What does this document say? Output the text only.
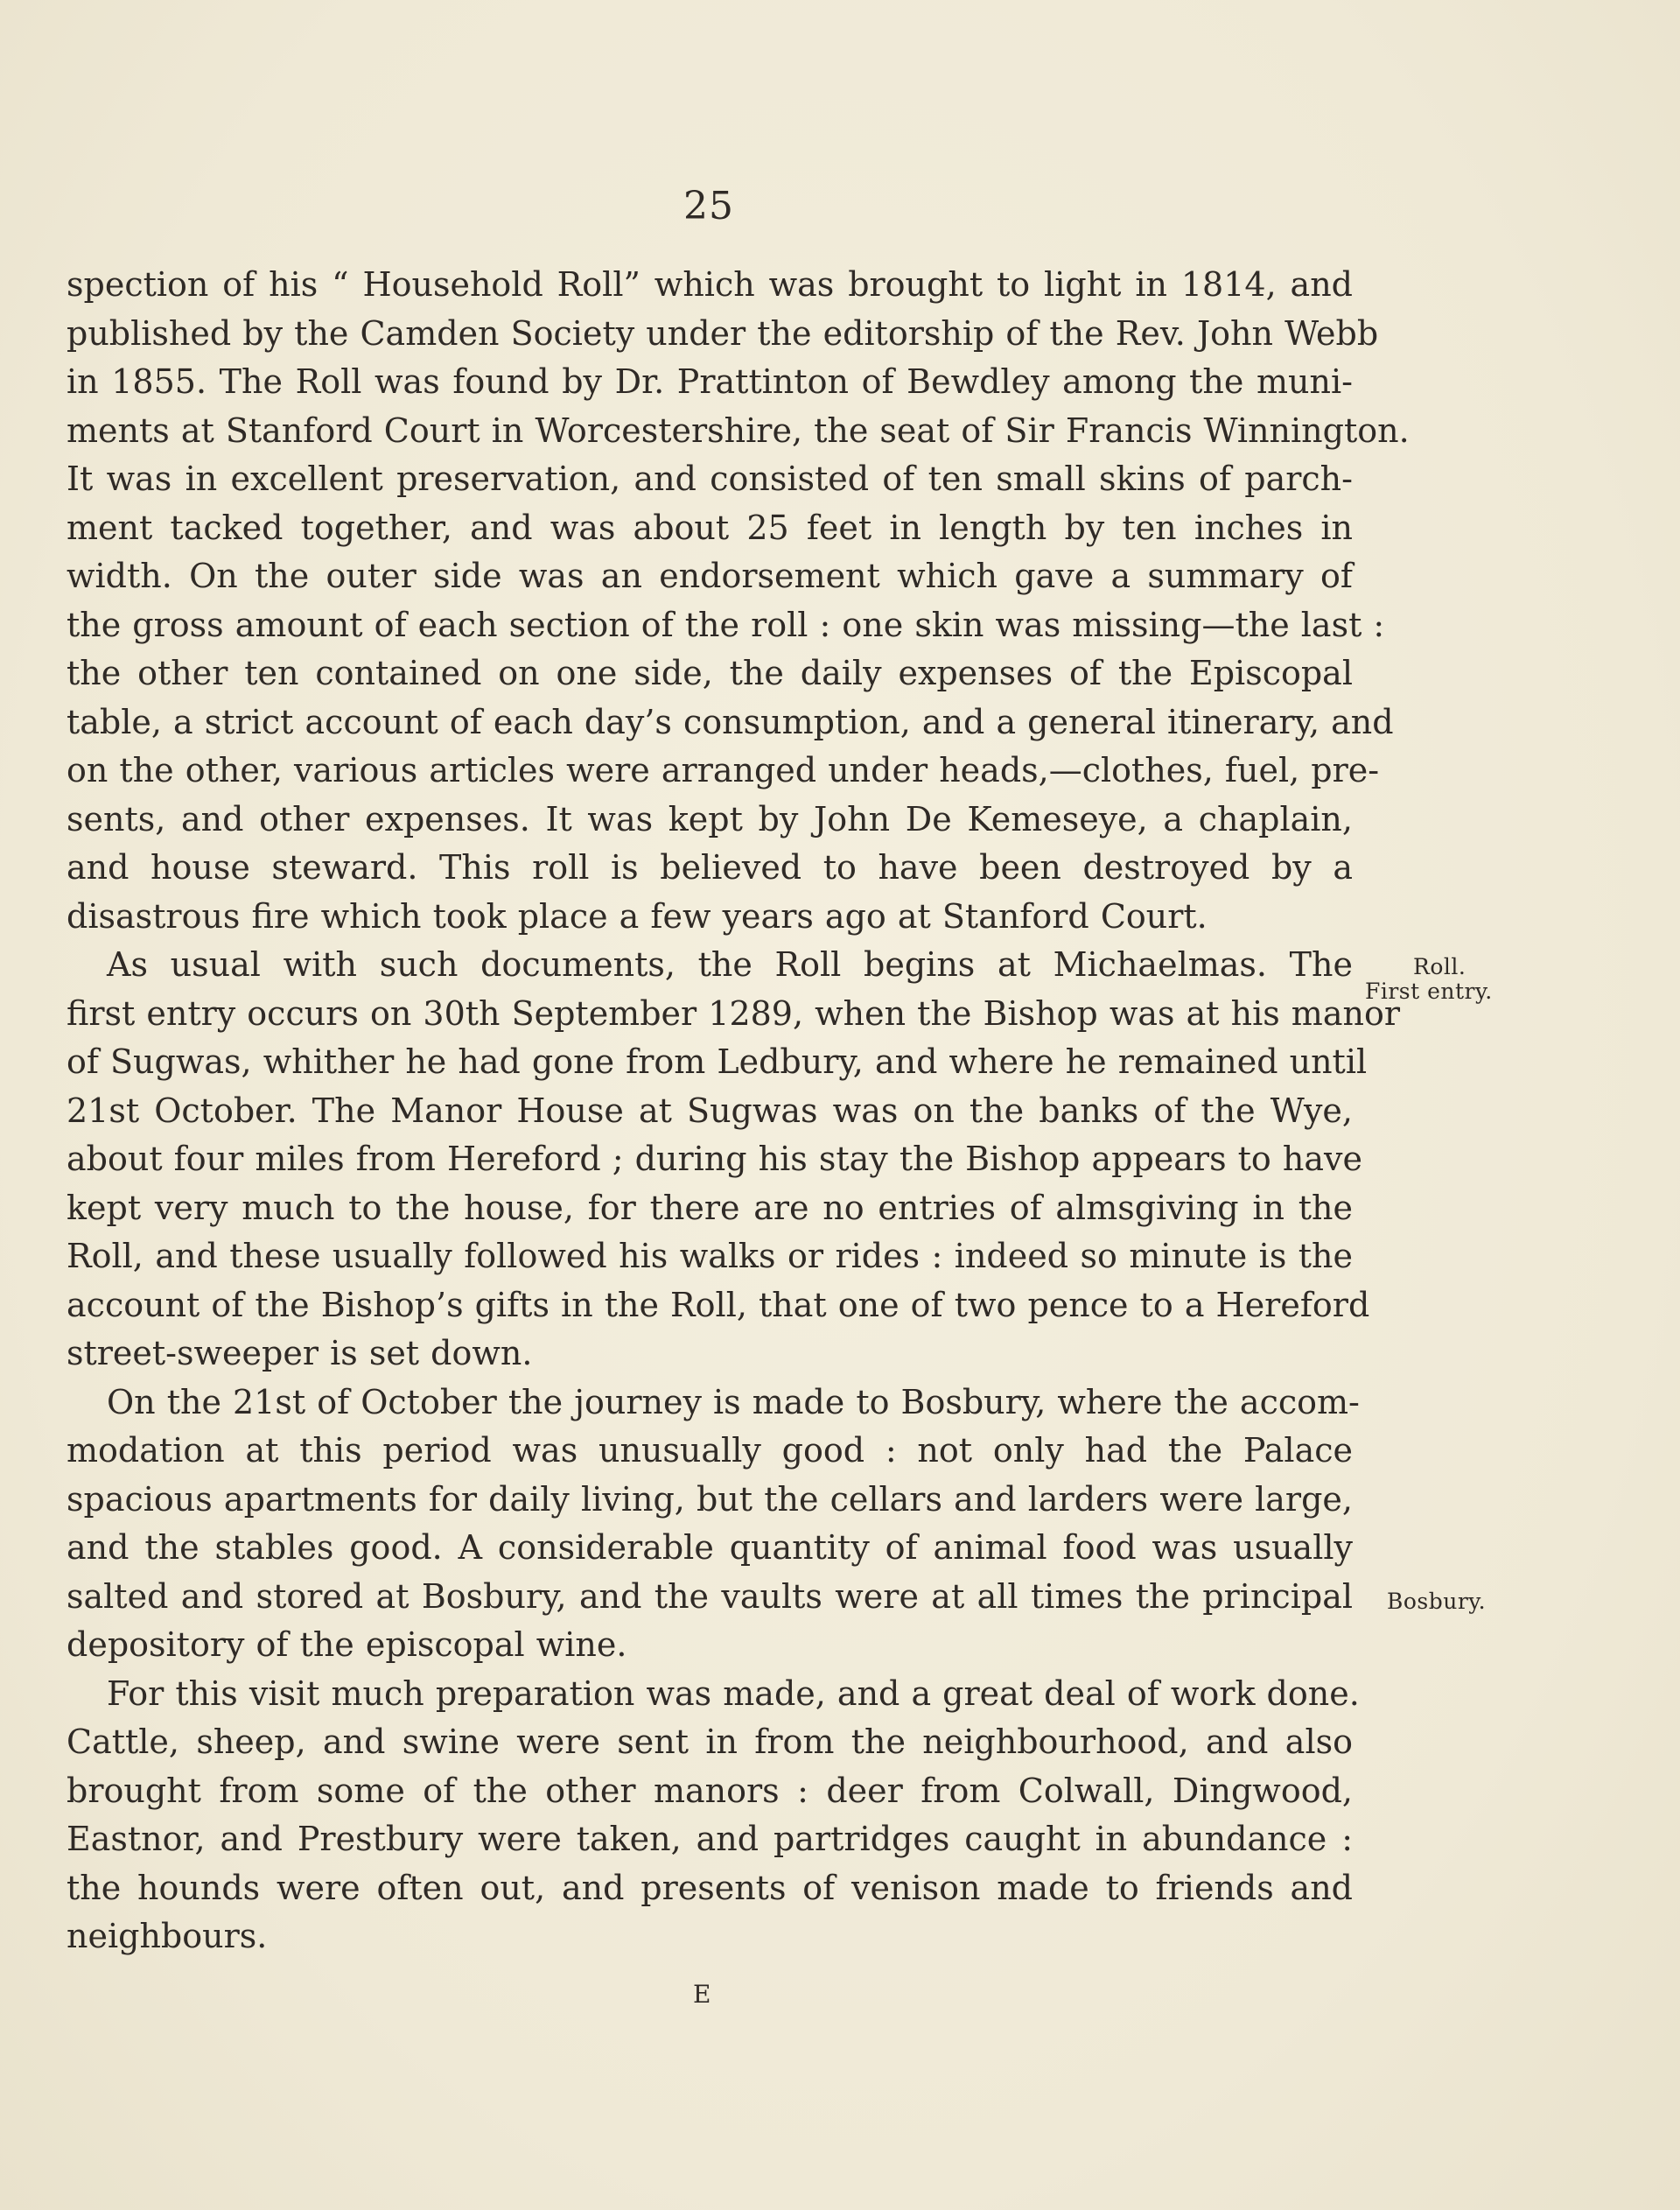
25
spection of his “ Household Roll” which was brought to light in 1814, and
published by the Camden Society under the editorship of the Rev. John Webb
in 1855. The Roll was found by Dr. Prattinton of Bewdley among the muni-
ments at Stanford Court in Worcestershire, the seat of Sir Francis Winnington.
It was in excellent preservation, and consisted of ten small skins of parch-
ment tacked together, and was about 25 feet in length by ten inches in
width. On the outer side was an endorsement which gave a summary of
the gross amount of each section of the roll : one skin was missing—the last :
the other ten contained on one side, the daily expenses of the Episcopal
table, a strict account of each day’s consumption, and a general itinerary, and
on the other, various articles were arranged under heads,—clothes, fuel, pre-
sents, and other expenses. It was kept by John De Kemeseye, a chaplain,
and house steward. This roll is believed to have been destroyed by a
disastrous fire which took place a few years ago at Stanford Court.
As usual with such documents, the Roll begins at Michaelmas. The
first entry occurs on 30th September 1289, when the Bishop was at his manor
of Sugwas, whither he had gone from Ledbury, and where he remained until
21st October. The Manor House at Sugwas was on the banks of the Wye,
about four miles from Hereford ; during his stay the Bishop appears to have
kept very much to the house, for there are no entries of almsgiving in the
Roll, and these usually followed his walks or rides : indeed so minute is the
account of the Bishop’s gifts in the Roll, that one of two pence to a Hereford
street-sweeper is set down.
On the 21st of October the journey is made to Bosbury, where the accom-
modation at this period was unusually good : not only had the Palace
spacious apartments for daily living, but the cellars and larders were large,
and the stables good. A considerable quantity of animal food was usually
salted and stored at Bosbury, and the vaults were at all times the principal
depository of the episcopal wine.
For this visit much preparation was made, and a great deal of work done.
Cattle, sheep, and swine were sent in from the neighbourhood, and also
brought from some of the other manors : deer from Colwall, Dingwood,
Eastnor, and Prestbury were taken, and partridges caught in abundance :
the hounds were often out, and presents of venison made to friends and
neighbours.
Roll.
First entry.
Bosbury.
E
